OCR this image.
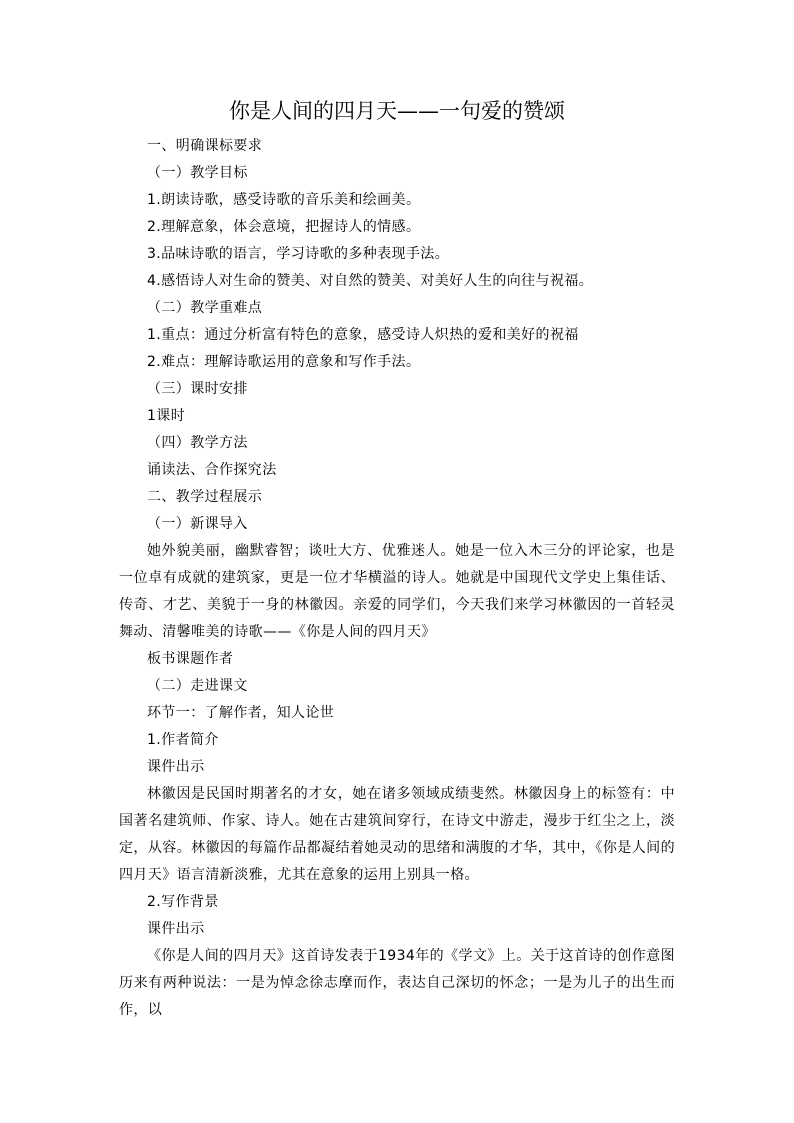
你是人间的四月天——一句爱的赞颂
一、明确课标要求
（一）教学目标
1.朗读诗歌，感受诗歌的音乐美和绘画美。
2.理解意象，体会意境，把握诗人的情感。
3.品味诗歌的语言，学习诗歌的多种表现手法。
4.感悟诗人对生命的赞美、对自然的赞美、对美好人生的向往与祝福。
（二）教学重难点
1.重点：通过分析富有特色的意象，感受诗人炽热的爱和美好的祝福
2.难点：理解诗歌运用的意象和写作手法。
（三）课时安排
1课时
（四）教学方法
诵读法、合作探究法
二、教学过程展示
（一）新课导入
她外貌美丽，幽默睿智；谈吐大方、优雅迷人。她是一位入木三分的评论家，也是一位卓有成就的建筑家，更是一位才华横溢的诗人。她就是中国现代文学史上集佳话、传奇、才艺、美貌于一身的林徽因。亲爱的同学们，今天我们来学习林徽因的一首轻灵舞动、清馨唯美的诗歌——《你是人间的四月天》
板书课题作者
（二）走进课文
环节一：了解作者，知人论世
1.作者简介
课件出示
林徽因是民国时期著名的才女，她在诸多领域成绩斐然。林徽因身上的标签有：中国著名建筑师、作家、诗人。她在古建筑间穿行，在诗文中游走，漫步于红尘之上，淡定，从容。林徽因的每篇作品都凝结着她灵动的思绪和满腹的才华，其中，《你是人间的四月天》语言清新淡雅，尤其在意象的运用上别具一格。
2.写作背景
课件出示
《你是人间的四月天》这首诗发表于1934年的《学文》上。关于这首诗的创作意图历来有两种说法：一是为悼念徐志摩而作，表达自己深切的怀念；一是为儿子的出生而作，以
